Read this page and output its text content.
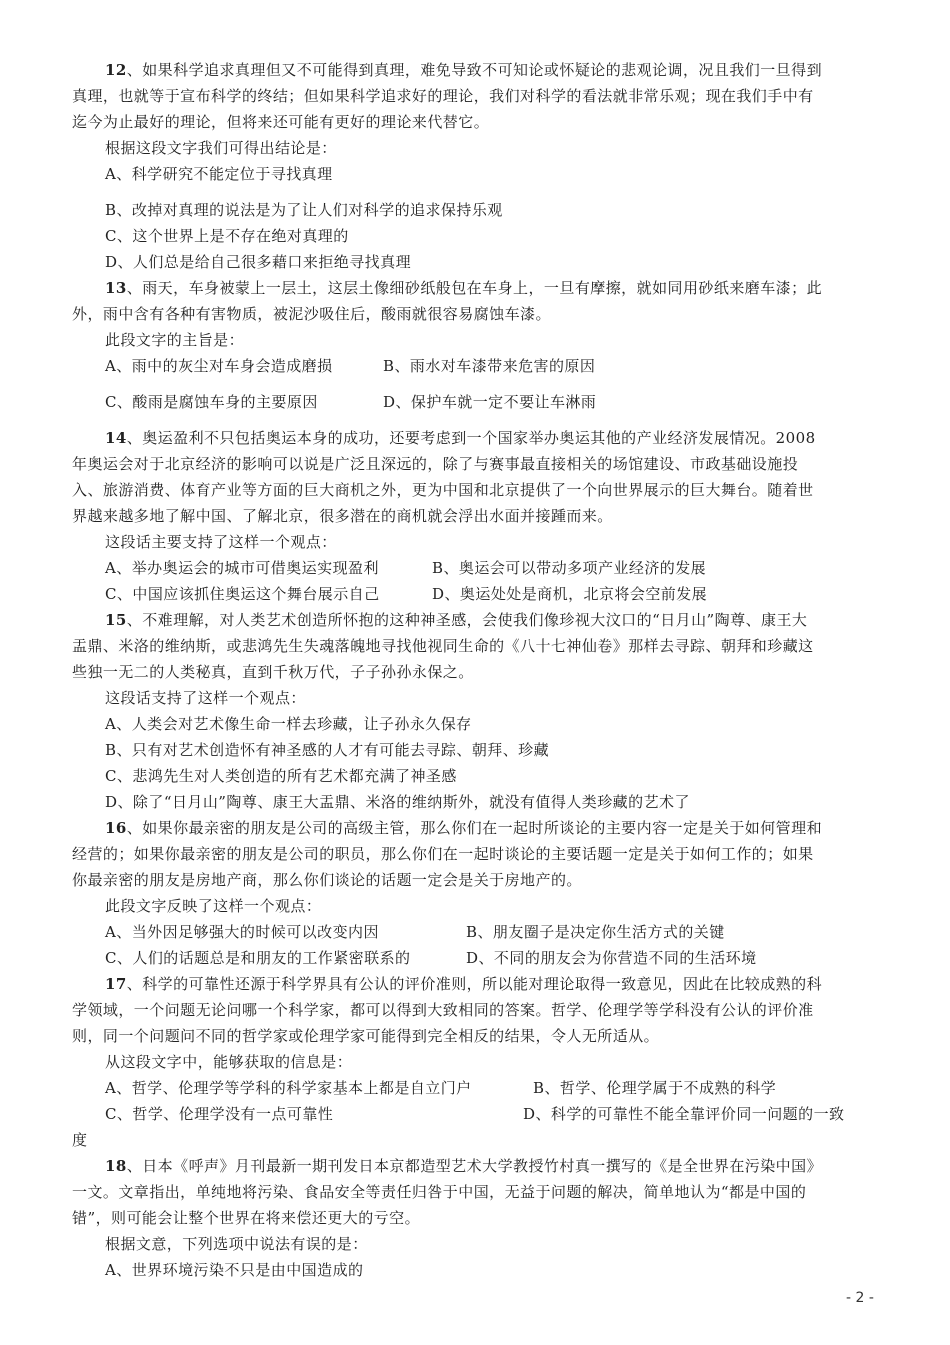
12、如果科学追求真理但又不可能得到真理，难免导致不可知论或怀疑论的悲观论调，况且我们一旦得到
真理，也就等于宣布科学的终结；但如果科学追求好的理论，我们对科学的看法就非常乐观；现在我们手中有
迄今为止最好的理论，但将来还可能有更好的理论来代替它。
根据这段文字我们可得出结论是：
A、科学研究不能定位于寻找真理
B、改掉对真理的说法是为了让人们对科学的追求保持乐观
C、这个世界上是不存在绝对真理的
D、人们总是给自己很多藉口来拒绝寻找真理
13、雨天，车身被蒙上一层土，这层土像细砂纸般包在车身上，一旦有摩擦，就如同用砂纸来磨车漆；此
外，雨中含有各种有害物质，被泥沙吸住后，酸雨就很容易腐蚀车漆。
此段文字的主旨是：
A、雨中的灰尘对车身会造成磨损	B、雨水对车漆带来危害的原因
C、酸雨是腐蚀车身的主要原因	D、保护车就一定不要让车淋雨
14、奥运盈利不只包括奥运本身的成功，还要考虑到一个国家举办奥运其他的产业经济发展情况。2008
年奥运会对于北京经济的影响可以说是广泛且深远的，除了与赛事最直接相关的场馆建设、市政基础设施投
入、旅游消费、体育产业等方面的巨大商机之外，更为中国和北京提供了一个向世界展示的巨大舞台。随着世
界越来越多地了解中国、了解北京，很多潜在的商机就会浮出水面并接踵而来。
这段话主要支持了这样一个观点：
A、举办奥运会的城市可借奥运实现盈利	B、奥运会可以带动多项产业经济的发展
C、中国应该抓住奥运这个舞台展示自己	D、奥运处处是商机，北京将会空前发展
15、不难理解，对人类艺术创造所怀抱的这种神圣感，会使我们像珍视大汶口的“日月山”陶尊、康王大
盂鼎、米洛的维纳斯，或悲鸿先生失魂落魄地寻找他视同生命的《八十七神仙卷》那样去寻踪、朝拜和珍藏这
些独一无二的人类秘真，直到千秋万代，子子孙孙永保之。
这段话支持了这样一个观点：
A、人类会对艺术像生命一样去珍藏，让子孙永久保存
B、只有对艺术创造怀有神圣感的人才有可能去寻踪、朝拜、珍藏
C、悲鸿先生对人类创造的所有艺术都充满了神圣感
D、除了“日月山”陶尊、康王大盂鼎、米洛的维纳斯外，就没有值得人类珍藏的艺术了
16、如果你最亲密的朋友是公司的高级主管，那么你们在一起时所谈论的主要内容一定是关于如何管理和
经营的；如果你最亲密的朋友是公司的职员，那么你们在一起时谈论的主要话题一定是关于如何工作的；如果
你最亲密的朋友是房地产商，那么你们谈论的话题一定会是关于房地产的。
此段文字反映了这样一个观点：
A、当外因足够强大的时候可以改变内因	B、朋友圈子是决定你生活方式的关键
C、人们的话题总是和朋友的工作紧密联系的	D、不同的朋友会为你营造不同的生活环境
17、科学的可靠性还源于科学界具有公认的评价准则，所以能对理论取得一致意见，因此在比较成熟的科
学领域，一个问题无论问哪一个科学家，都可以得到大致相同的答案。哲学、伦理学等学科没有公认的评价准
则，同一个问题问不同的哲学家或伦理学家可能得到完全相反的结果，令人无所适从。
从这段文字中，能够获取的信息是：
A、哲学、伦理学等学科的科学家基本上都是自立门户	B、哲学、伦理学属于不成熟的科学
C、哲学、伦理学没有一点可靠性	D、科学的可靠性不能全靠评价同一问题的一致
度
18、日本《呼声》月刊最新一期刊发日本京都造型艺术大学教授竹村真一撰写的《是全世界在污染中国》
一文。文章指出，单纯地将污染、食品安全等责任归咎于中国，无益于问题的解决，简单地认为“都是中国的
错”，则可能会让整个世界在将来偿还更大的亏空。
根据文意，下列选项中说法有误的是：
A、世界环境污染不只是由中国造成的
- 2 -
